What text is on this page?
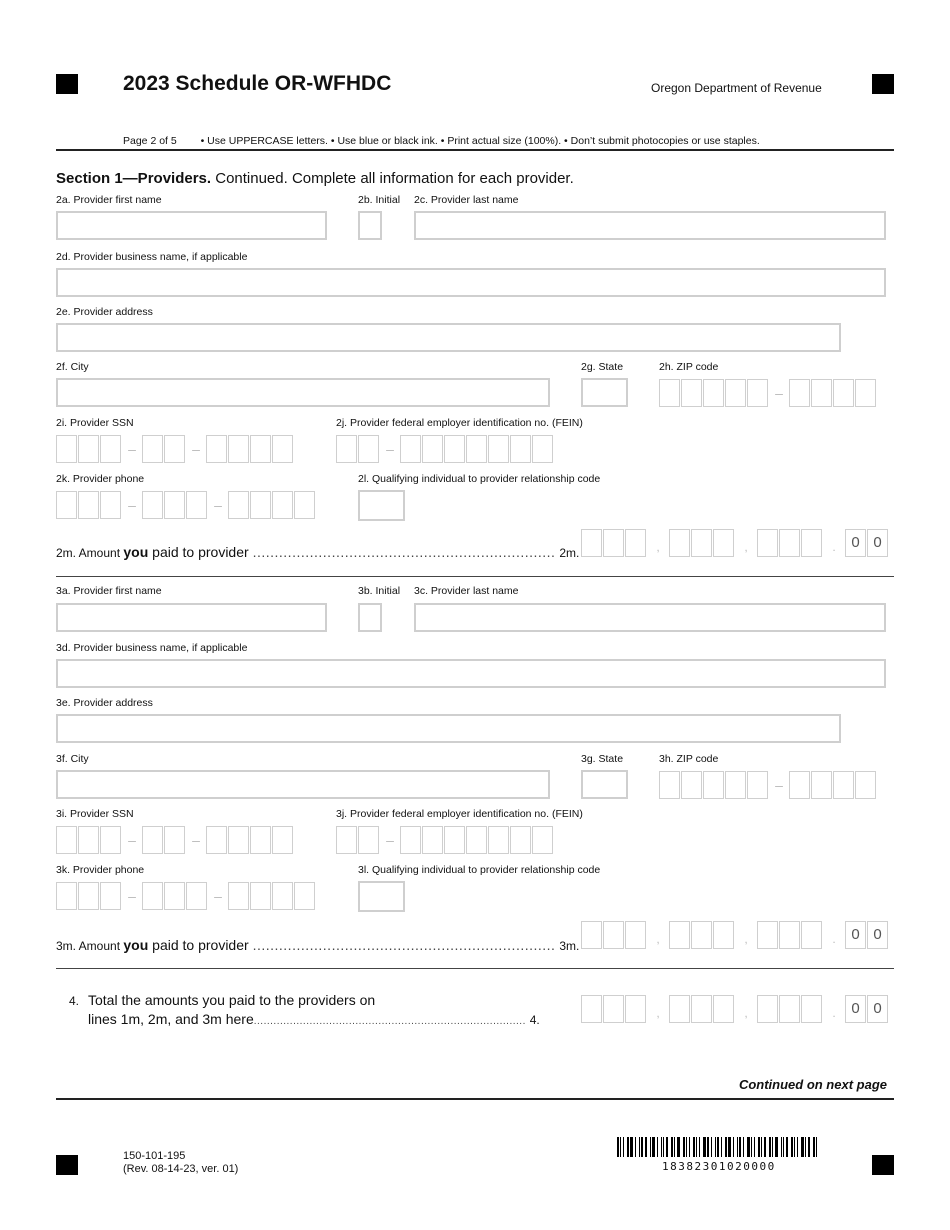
2023 Schedule OR-WFHDC	Oregon Department of Revenue
Page 2 of 5 • Use UPPERCASE letters. • Use blue or black ink. • Print actual size (100%). • Don’t submit photocopies or use staples.
Section 1—Providers. Continued. Complete all information for each provider.
2a. Provider first name	2b. Initial 2c. Provider last name
2d. Provider business name, if applicable
2e. Provider address
2f. City	2g. State	2h. ZIP code
–
2i. Provider SSN	2j. Provider federal employer identification no. (FEIN)
–	–	–
2k. Provider phone	2l. Qualifying individual to provider relationship code
–	–
2m. Amount you paid to provider ..................................................................... 2m.	,	,	.	0 0
3a. Provider first name	3b. Initial 3c. Provider last name
3d. Provider business name, if applicable
3e. Provider address
3f. City	3g. State	3h. ZIP code
–
3i. Provider SSN	3j. Provider federal employer identification no. (FEIN)
–	–	–
3k. Provider phone	3l. Qualifying individual to provider relationship code
–	–
3m. Amount you paid to provider ..................................................................... 3m.	,	,	.	0 0
4. Total the amounts you paid to the providers on
lines 1m, 2m, and 3m here................................................................................... 4.	,	,	.	0 0
Continued on next page
150-101-195
(Rev. 08-14-23, ver. 01)	18382301020000
